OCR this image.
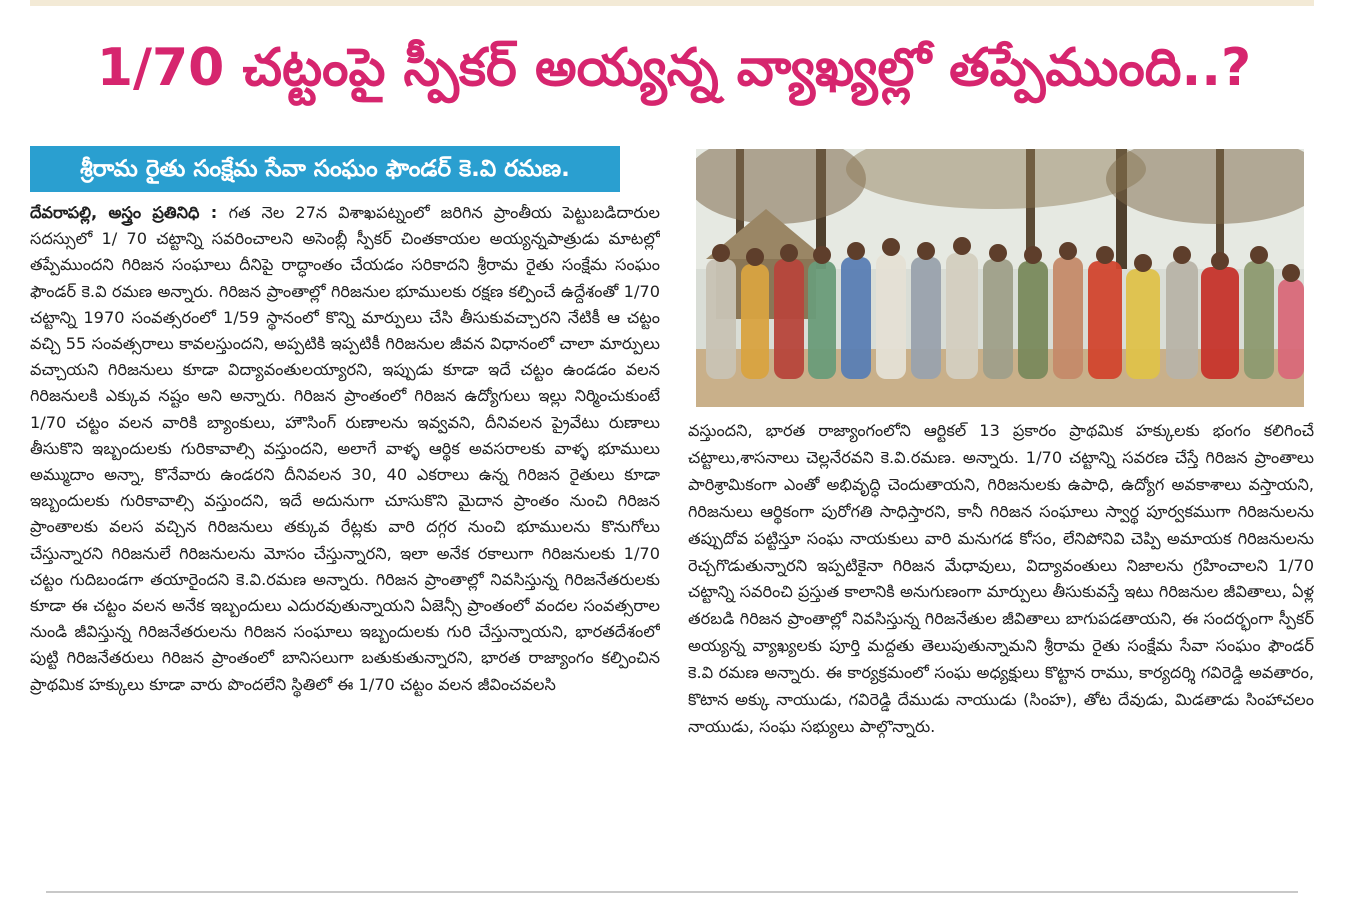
1/70 చట్టంపై స్పీకర్ అయ్యన్న వ్యాఖ్యల్లో తప్పేముంది..?
శ్రీరామ రైతు సంక్షేమ సేవా సంఘం ఫౌండర్ కె.వి రమణ.
దేవరాపల్లి, అస్త్రం ప్రతినిధి : గత నెల 27న విశాఖపట్నంలో జరిగిన ప్రాంతీయ పెట్టుబడిదారుల సదస్సులో 1/ 70 చట్టాన్ని సవరించాలని అసెంబ్లీ స్పీకర్ చింతకాయల అయ్యన్నపాత్రుడు మాటల్లో తప్పేముందని గిరిజన సంఘాలు దీనిపై రాద్ధాంతం చేయడం సరికాదని శ్రీరామ రైతు సంక్షేమ సంఘం ఫౌండర్ కె.వి రమణ అన్నారు. గిరిజన ప్రాంతాల్లో గిరిజనుల భూములకు రక్షణ కల్పించే ఉద్దేశంతో 1/70 చట్టాన్ని 1970 సంవత్సరంలో 1/59 స్థానంలో కొన్ని మార్పులు చేసి తీసుకువచ్చారని నేటికీ ఆ చట్టం వచ్చి 55 సంవత్సరాలు కావలస్తుందని, అప్పటికి ఇప్పటికీ గిరిజనుల జీవన విధానంలో చాలా మార్పులు వచ్చాయని గిరిజనులు కూడా విద్యావంతులయ్యారని, ఇప్పుడు కూడా ఇదే చట్టం ఉండడం వలన గిరిజనులకి ఎక్కువ నష్టం అని అన్నారు. గిరిజన ప్రాంతంలో గిరిజన ఉద్యోగులు ఇల్లు నిర్మించుకుంటే 1/70 చట్టం వలన వారికి బ్యాంకులు, హౌసింగ్ రుణాలను ఇవ్వవని, దీనివలన ప్రైవేటు రుణాలు తీసుకొని ఇబ్బందులకు గురికావాల్సి వస్తుందని, అలాగే వాళ్ళ ఆర్థిక అవసరాలకు వాళ్ళ భూములు అమ్ముదాం అన్నా, కొనేవారు ఉండరని దీనివలన 30, 40 ఎకరాలు ఉన్న గిరిజన రైతులు కూడా ఇబ్బందులకు గురికావాల్సి వస్తుందని, ఇదే అదునుగా చూసుకొని మైదాన ప్రాంతం నుంచి గిరిజన ప్రాంతాలకు వలస వచ్చిన గిరిజనులు తక్కువ రేట్లకు వారి దగ్గర నుంచి భూములను కొనుగోలు చేస్తున్నారని గిరిజనులే గిరిజనులను మోసం చేస్తున్నారని, ఇలా అనేక రకాలుగా గిరిజనులకు 1/70 చట్టం గుదిబండగా తయారైందని కె.వి.రమణ అన్నారు. గిరిజన ప్రాంతాల్లో నివసిస్తున్న గిరిజనేతరులకు కూడా ఈ చట్టం వలన అనేక ఇబ్బందులు ఎదురవుతున్నాయని ఏజెన్సీ ప్రాంతంలో వందల సంవత్సరాల నుండి జీవిస్తున్న గిరిజనేతరులను గిరిజన సంఘాలు ఇబ్బందులకు గురి చేస్తున్నాయని, భారతదేశంలో పుట్టి గిరిజనేతరులు గిరిజన ప్రాంతంలో బానిసలుగా బతుకుతున్నారని, భారత రాజ్యాంగం కల్పించిన ప్రాథమిక హక్కులు కూడా వారు పొందలేని స్థితిలో ఈ 1/70 చట్టం వలన జీవించవలసి
వస్తుందని, భారత రాజ్యాంగంలోని ఆర్టికల్ 13 ప్రకారం ప్రాథమిక హక్కులకు భంగం కలిగించే చట్టాలు,శాసనాలు చెల్లనేరవని కె.వి.రమణ. అన్నారు. 1/70 చట్టాన్ని సవరణ చేస్తే గిరిజన ప్రాంతాలు పారిశ్రామికంగా ఎంతో అభివృద్ధి చెందుతాయని, గిరిజనులకు ఉపాధి, ఉద్యోగ అవకాశాలు వస్తాయని, గిరిజనులు ఆర్థికంగా పురోగతి సాధిస్తారని, కానీ గిరిజన సంఘాలు స్వార్థ పూర్వకముగా గిరిజనులను తప్పుదోవ పట్టిస్తూ సంఘ నాయకులు వారి మనుగడ కోసం, లేనిపోనివి చెప్పి అమాయక గిరిజనులను రెచ్చగొడుతున్నారని ఇప్పటికైనా గిరిజన మేధావులు, విద్యావంతులు నిజాలను గ్రహించాలని 1/70 చట్టాన్ని సవరించి ప్రస్తుత కాలానికి అనుగుణంగా మార్పులు తీసుకువస్తే ఇటు గిరిజనుల జీవితాలు, ఏళ్ల తరబడి గిరిజన ప్రాంతాల్లో నివసిస్తున్న గిరిజనేతుల జీవితాలు బాగుపడతాయని, ఈ సందర్భంగా స్పీకర్ అయ్యన్న వ్యాఖ్యలకు పూర్తి మద్దతు తెలుపుతున్నామని శ్రీరామ రైతు సంక్షేమ సేవా సంఘం ఫౌండర్ కె.వి రమణ అన్నారు. ఈ కార్యక్రమంలో సంఘ అధ్యక్షులు కొట్టాన రాము, కార్యదర్శి గవిరెడ్డి అవతారం, కొటాన అక్కు నాయుడు, గవిరెడ్డి దేముడు నాయుడు (సింహ), తోట దేవుడు, మిడతాడు సింహాచలం నాయుడు, సంఘ సభ్యులు పాల్గొన్నారు.
